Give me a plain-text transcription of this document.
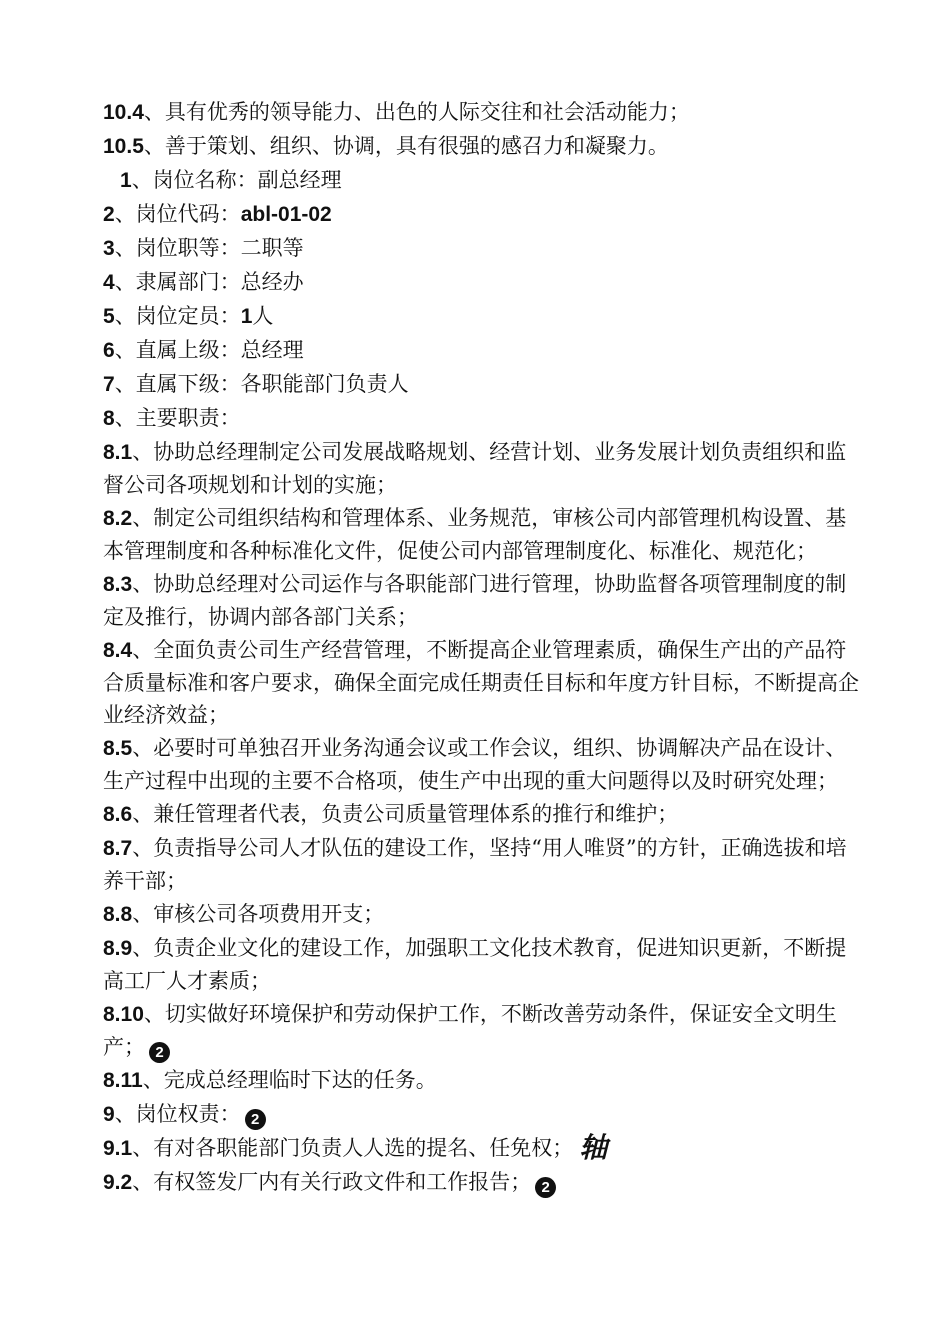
10.4、具有优秀的领导能力、出色的人际交往和社会活动能力；

10.5、善于策划、组织、协调，具有很强的感召力和凝聚力。

1、岗位名称：副总经理

2、岗位代码：abl-01-02

3、岗位职等：二职等

4、隶属部门：总经办

5、岗位定员：1人

6、直属上级：总经理

7、直属下级：各职能部门负责人

8、主要职责：

8.1、协助总经理制定公司发展战略规划、经营计划、业务发展计划负责组织和监督公司各项规划和计划的实施；

8.2、制定公司组织结构和管理体系、业务规范，审核公司内部管理机构设置、基本管理制度和各种标准化文件，促使公司内部管理制度化、标准化、规范化；

8.3、协助总经理对公司运作与各职能部门进行管理，协助监督各项管理制度的制定及推行，协调内部各部门关系；

8.4、全面负责公司生产经营管理，不断提高企业管理素质，确保生产出的产品符合质量标准和客户要求，确保全面完成任期责任目标和年度方针目标，不断提高企业经济效益；

8.5、必要时可单独召开业务沟通会议或工作会议，组织、协调解决产品在设计、生产过程中出现的主要不合格项，使生产中出现的重大问题得以及时研究处理；

8.6、兼任管理者代表，负责公司质量管理体系的推行和维护；

8.7、负责指导公司人才队伍的建设工作，坚持“用人唯贤”的方针，正确选拔和培养干部；

8.8、审核公司各项费用开支；

8.9、负责企业文化的建设工作，加强职工文化技术教育，促进知识更新，不断提高工厂人才素质；

8.10、切实做好环境保护和劳动保护工作，不断改善劳动条件，保证安全文明生产； 2

8.11、完成总经理临时下达的任务。

9、岗位权责： 2

9.1、有对各职能部门负责人人选的提名、任免权； 轴

9.2、有权签发厂内有关行政文件和工作报告； 2
